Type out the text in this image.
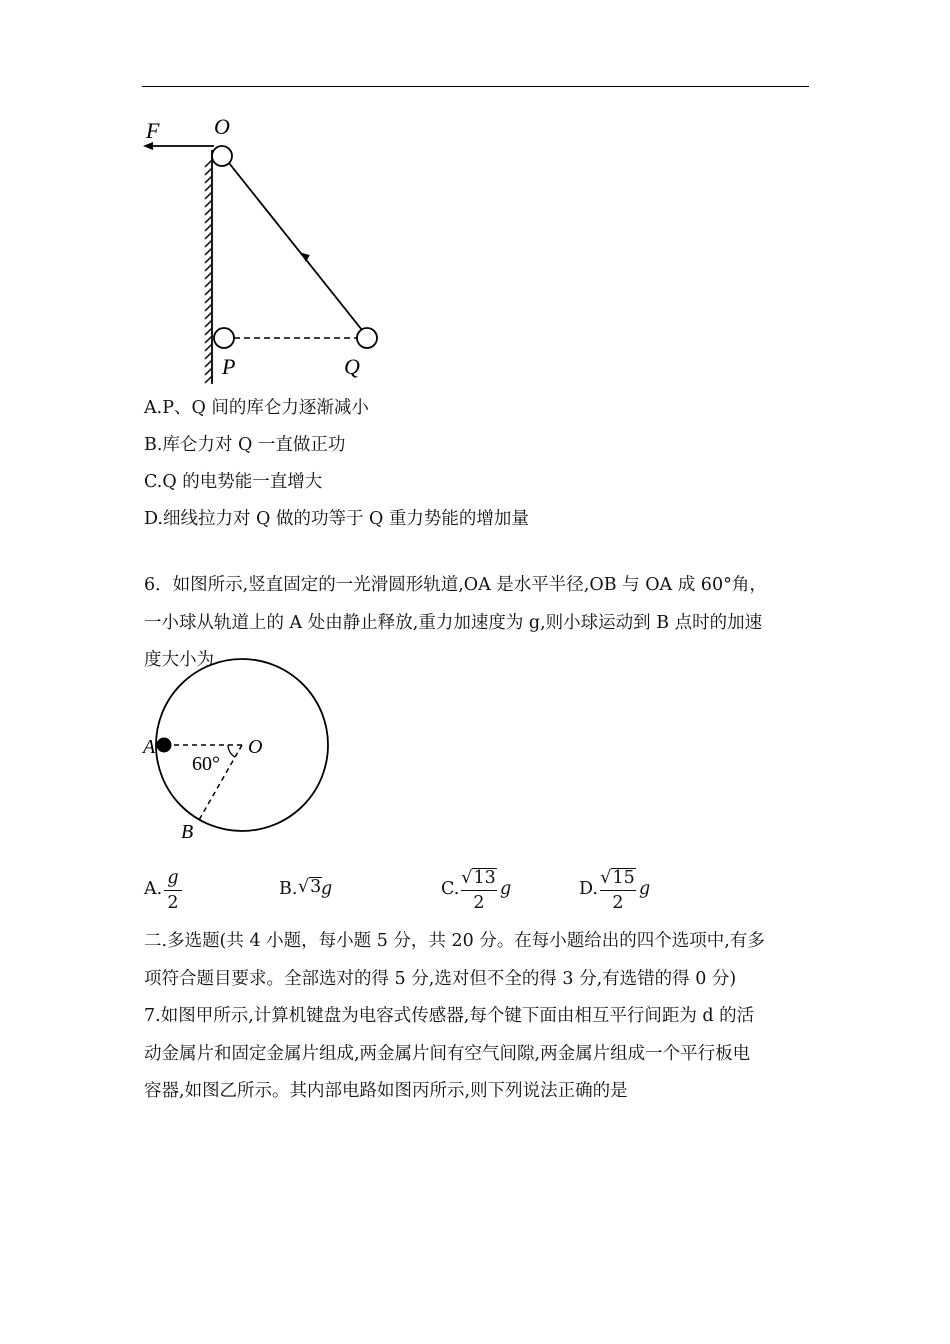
F O
P	Q
A.P、Q 间的库仑力逐渐减小
B.库仑力对 Q 一直做正功
C.Q 的电势能一直增大
D.细线拉力对 Q 做的功等于 Q 重力势能的增加量
6．如图所示,竖直固定的一光滑圆形轨道,OA 是水平半径,OB 与 OA 成 60°角，
一小球从轨道上的 A 处由静止释放,重力加速度为 g,则小球运动到 B 点时的加速
度大小为
A	O
60°
B
A.
g
2
B. √3 g	C.
√13
2
g	D.
√15
2
g
二.多选题(共 4 小题，每小题 5 分，共 20 分。在每小题给出的四个选项中,有多
项符合题目要求。全部选对的得 5 分,选对但不全的得 3 分,有选错的得 0 分)
7.如图甲所示,计算机键盘为电容式传感器,每个键下面由相互平行间距为 d 的活
动金属片和固定金属片组成,两金属片间有空气间隙,两金属片组成一个平行板电
容器,如图乙所示。其内部电路如图丙所示,则下列说法正确的是
